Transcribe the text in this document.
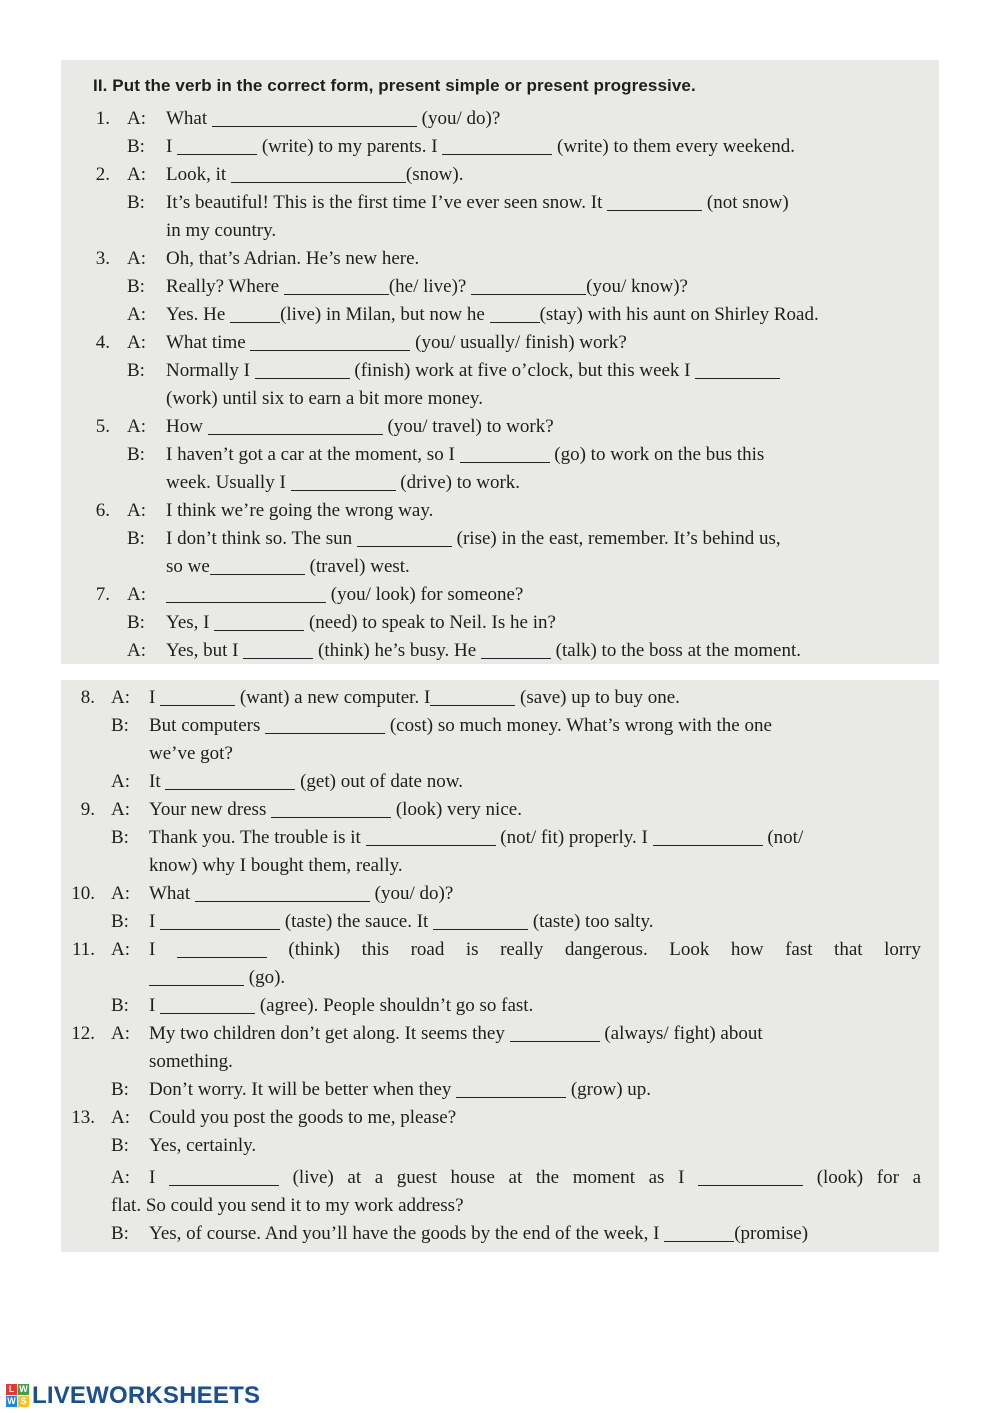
II. Put the verb in the correct form, present simple or present progressive.
1. A: What	(you/ do)?
B: I	(write) to my parents. I	(write) to them every weekend.
2. A: Look, it	(snow).
B: It’s beautiful! This is the first time I’ve ever seen snow. It	(not snow)
in my country.
3. A: Oh, that’s Adrian. He’s new here.
B: Really? Where	(he/ live)?	(you/ know)?
A: Yes. He	(live) in Milan, but now he	(stay) with his aunt on Shirley Road.
4. A: What time	(you/ usually/ finish) work?
B: Normally I	(finish) work at five o’clock, but this week I
(work) until six to earn a bit more money.
5. A: How	(you/ travel) to work?
B: I haven’t got a car at the moment, so I	(go) to work on the bus this
week. Usually I	(drive) to work.
6. A: I think we’re going the wrong way.
B: I don’t think so. The sun	(rise) in the east, remember. It’s behind us,
so we	(travel) west.
7. A:	(you/ look) for someone?
B: Yes, I	(need) to speak to Neil. Is he in?
A: Yes, but I	(think) he’s busy. He	(talk) to the boss at the moment.
8. A: I	(want) a new computer. I	(save) up to buy one.
B: But computers	(cost) so much money. What’s wrong with the one
we’ve got?
A: It	(get) out of date now.
9. A: Your new dress	(look) very nice.
B: Thank you. The trouble is it	(not/ fit) properly. I	(not/
know) why I bought them, really.
10. A: What	(you/ do)?
B: I	(taste) the sauce. It	(taste) too salty.
11. A: I	(think) this road is really dangerous. Look how fast that lorry
(go).
B: I	(agree). People shouldn’t go so fast.
12. A: My two children don’t get along. It seems they	(always/ fight) about
something.
B: Don’t worry. It will be better when they	(grow) up.
13. A: Could you post the goods to me, please?
B: Yes, certainly.
A: I	(live) at a guest house at the moment as I	(look) for a
flat. So could you send it to my work address?
B: Yes, of course. And you’ll have the goods by the end of the week, I	(promise)
L W
W S LIVEWORKSHEETS
